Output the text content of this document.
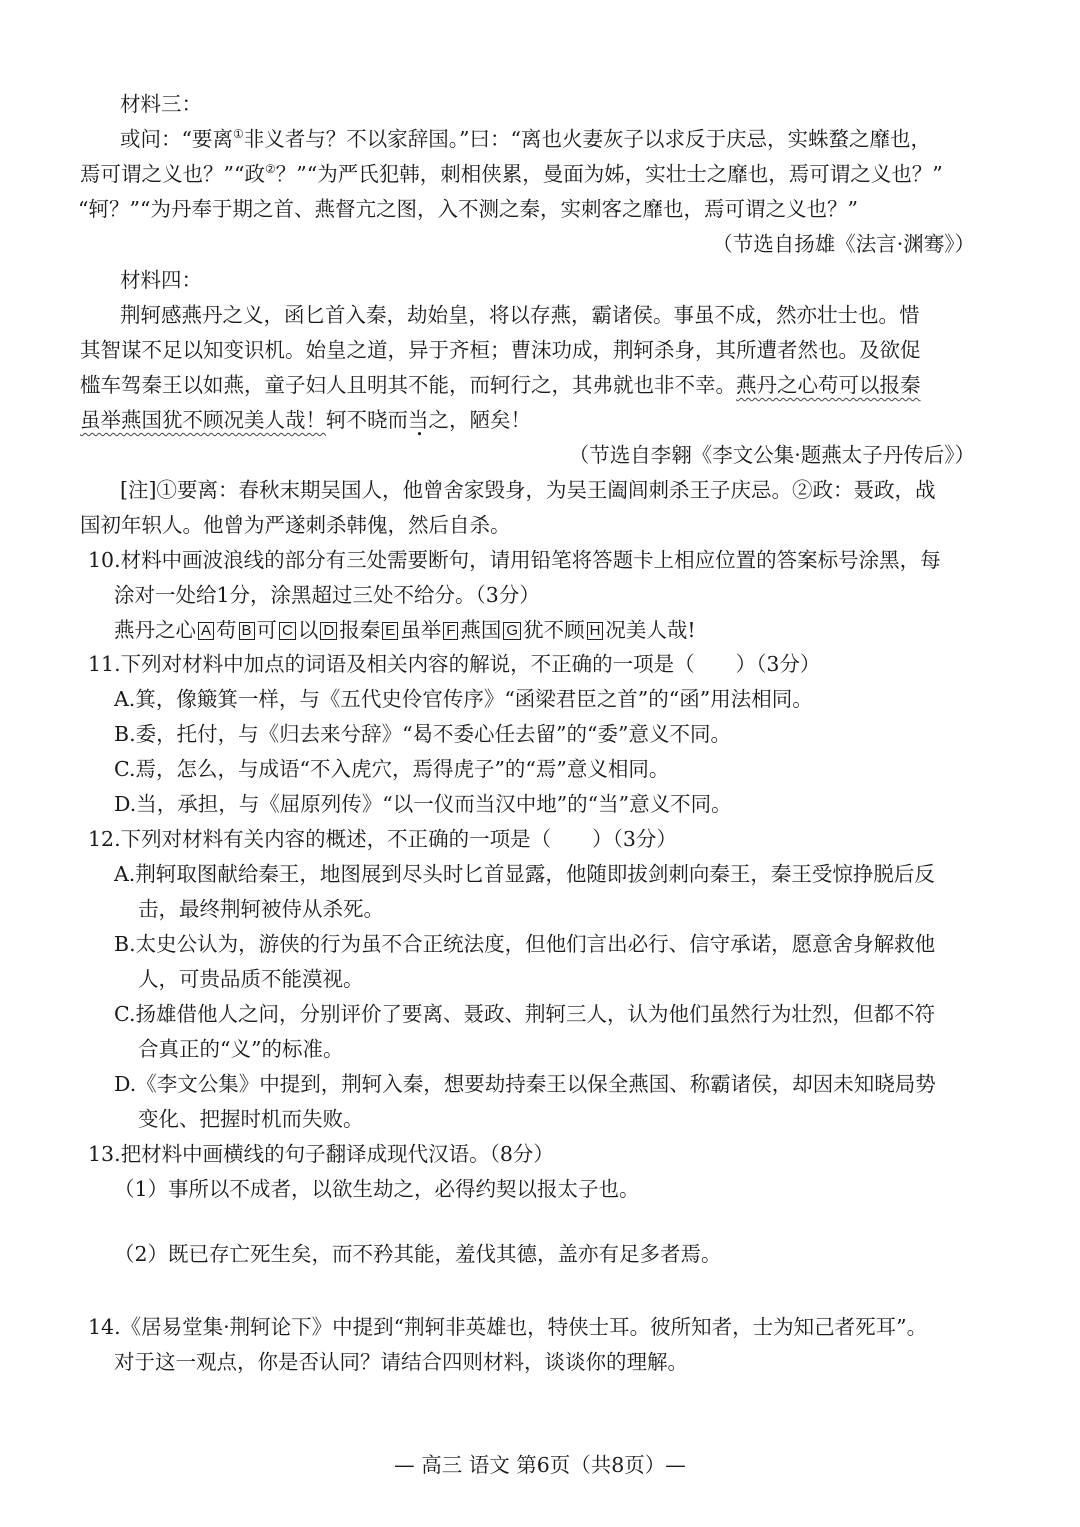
材料三：
或问：“要离①非义者与？不以家辞国。”曰：“离也火妻灰子以求反于庆忌，实蛛蝥之靡也，
焉可谓之义也？”“政②？”“为严氏犯韩，刺相侠累，曼面为姊，实壮士之靡也，焉可谓之义也？”
“轲？”“为丹奉于期之首、燕督亢之图，入不测之秦，实刺客之靡也，焉可谓之义也？”
（节选自扬雄《法言·渊骞》）
材料四：
荆轲感燕丹之义，函匕首入秦，劫始皇，将以存燕，霸诸侯。事虽不成，然亦壮士也。惜
其智谋不足以知变识机。始皇之道，异于齐桓；曹沫功成，荆轲杀身，其所遭者然也。及欲促
槛车驾秦王以如燕，童子妇人且明其不能，而轲行之，其弗就也非不幸。燕丹之心苟可以报秦
虽举燕国犹不顾况美人哉！轲不晓而当之，陋矣！
（节选自李翱《李文公集·题燕太子丹传后》）
[注]①要离：春秋末期吴国人，他曾舍家毁身，为吴王阖闾刺杀王子庆忌。②政：聂政，战
国初年轵人。他曾为严遂刺杀韩傀，然后自杀。
10.材料中画波浪线的部分有三处需要断句，请用铅笔将答题卡上相应位置的答案标号涂黑，每
涂对一处给1分，涂黑超过三处不给分。（3分）
燕丹之心 A 苟 B 可 C 以 D 报秦 E 虽举 F 燕国 G 犹不顾 H 况美人哉!
11.下列对材料中加点的词语及相关内容的解说，不正确的一项是（　　）（3分）
A.箕，像簸箕一样，与《五代史伶官传序》“函梁君臣之首”的“函”用法相同。
B.委，托付，与《归去来兮辞》“曷不委心任去留”的“委”意义不同。
C.焉，怎么，与成语“不入虎穴，焉得虎子”的“焉”意义相同。
D.当，承担，与《屈原列传》“以一仪而当汉中地”的“当”意义不同。
12.下列对材料有关内容的概述，不正确的一项是（　　）（3分）
A.荆轲取图献给秦王，地图展到尽头时匕首显露，他随即拔剑刺向秦王，秦王受惊挣脱后反
击，最终荆轲被侍从杀死。
B.太史公认为，游侠的行为虽不合正统法度，但他们言出必行、信守承诺，愿意舍身解救他
人，可贵品质不能漠视。
C.扬雄借他人之问，分别评价了要离、聂政、荆轲三人，认为他们虽然行为壮烈，但都不符
合真正的“义”的标准。
D.《李文公集》中提到，荆轲入秦，想要劫持秦王以保全燕国、称霸诸侯，却因未知晓局势
变化、把握时机而失败。
13.把材料中画横线的句子翻译成现代汉语。（8分）
（1）事所以不成者，以欲生劫之，必得约契以报太子也。
（2）既已存亡死生矣，而不矜其能，羞伐其德，盖亦有足多者焉。
14.《居易堂集·荆轲论下》中提到“荆轲非英雄也，特侠士耳。彼所知者，士为知己者死耳”。
对于这一观点，你是否认同？请结合四则材料，谈谈你的理解。
— 高三 语文 第6页（共8页）—
